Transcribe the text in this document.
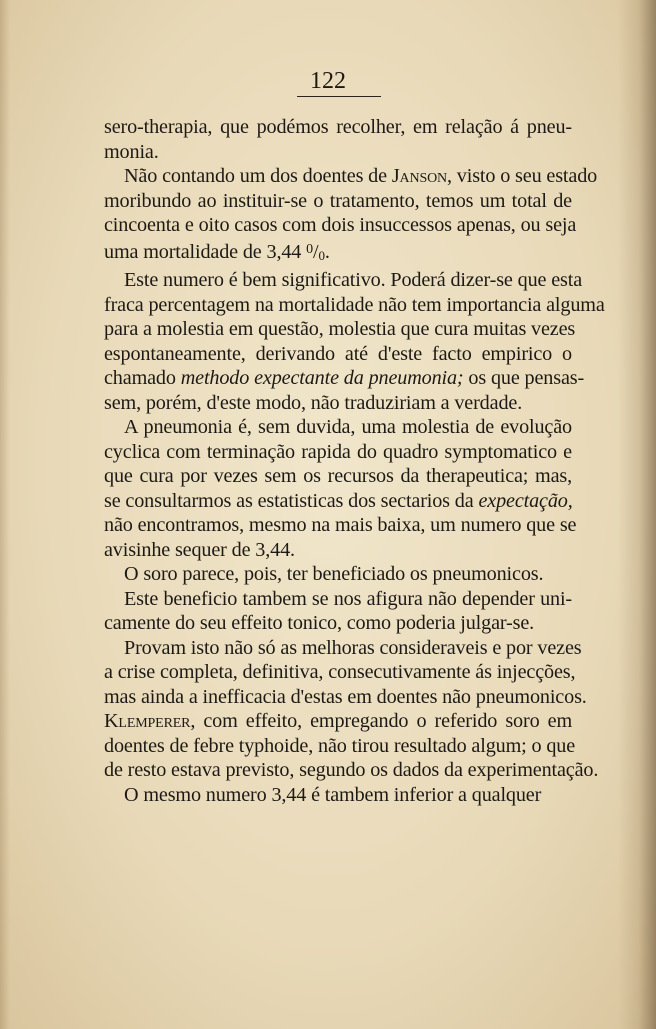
122
sero-therapia, que podémos recolher, em relação á pneu-
monia.
Não contando um dos doentes de Janson, visto o seu estado
moribundo ao instituir-se o tratamento, temos um total de
cincoenta e oito casos com dois insuccessos apenas, ou seja
uma mortalidade de 3,44 $^0$/0.
Este numero é bem significativo. Poderá dizer-se que esta
fraca percentagem na mortalidade não tem importancia alguma
para a molestia em questão, molestia que cura muitas vezes
espontaneamente, derivando até d'este facto empirico o
chamado methodo expectante da pneumonia; os que pensas-
sem, porém, d'este modo, não traduziriam a verdade.
A pneumonia é, sem duvida, uma molestia de evolução
cyclica com terminação rapida do quadro symptomatico e
que cura por vezes sem os recursos da therapeutica; mas,
se consultarmos as estatisticas dos sectarios da expectação,
não encontramos, mesmo na mais baixa, um numero que se
avisinhe sequer de 3,44.
O soro parece, pois, ter beneficiado os pneumonicos.
Este beneficio tambem se nos afigura não depender uni-
camente do seu effeito tonico, como poderia julgar-se.
Provam isto não só as melhoras consideraveis e por vezes
a crise completa, definitiva, consecutivamente ás injecções,
mas ainda a inefficacia d'estas em doentes não pneumonicos.
Klemperer, com effeito, empregando o referido soro em
doentes de febre typhoide, não tirou resultado algum; o que
de resto estava previsto, segundo os dados da experimentação.
O mesmo numero 3,44 é tambem inferior a qualquer
